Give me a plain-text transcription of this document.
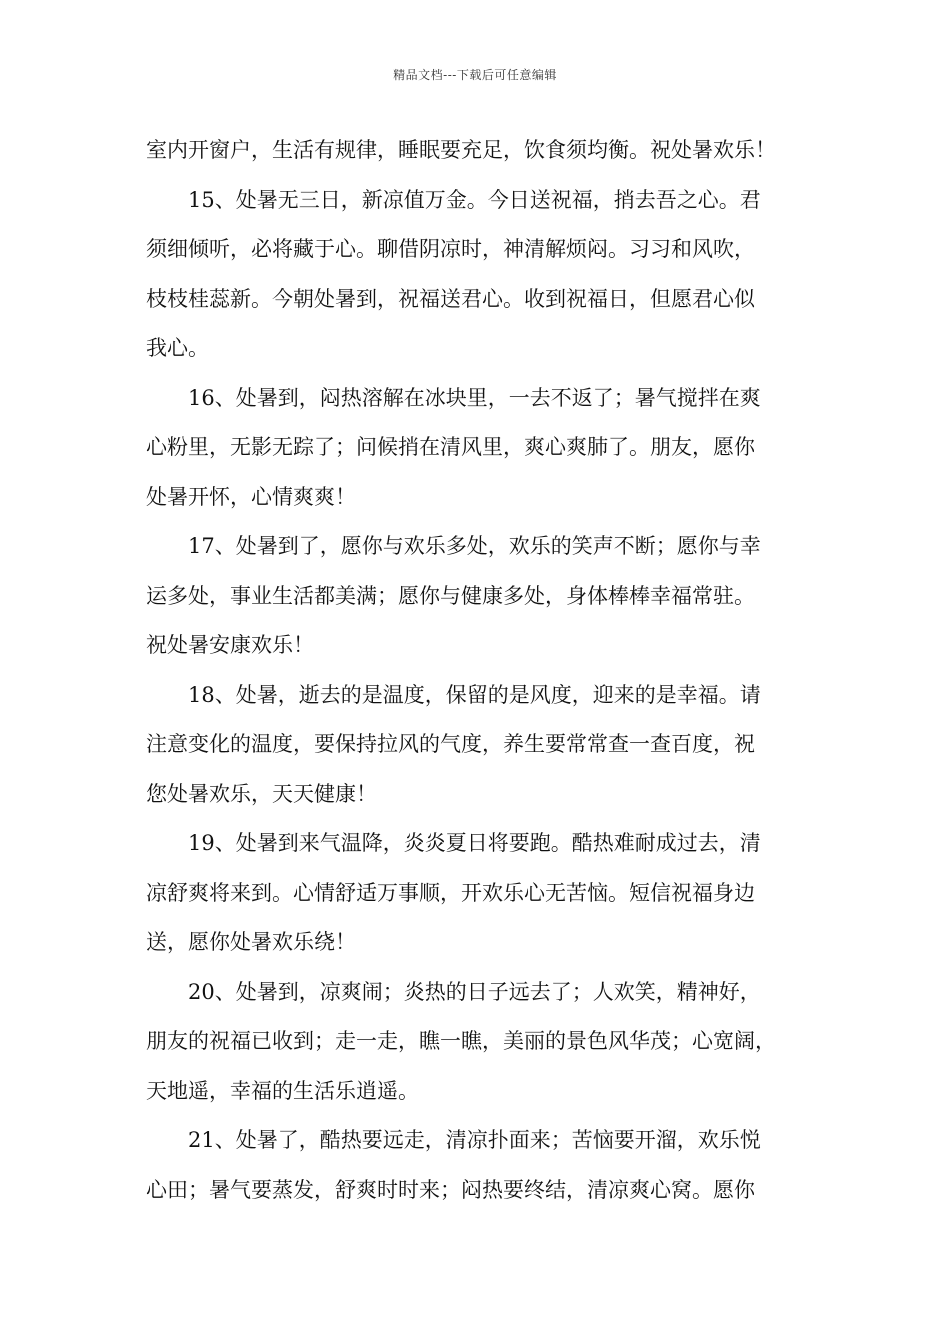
精品文档---下载后可任意编辑
室内开窗户，生活有规律，睡眠要充足，饮食须均衡。祝处暑欢乐！
15、处暑无三日，新凉值万金。今日送祝福，捎去吾之心。君
须细倾听，必将藏于心。聊借阴凉时，神清解烦闷。习习和风吹，
枝枝桂蕊新。今朝处暑到，祝福送君心。收到祝福日，但愿君心似
我心。
16、处暑到，闷热溶解在冰块里，一去不返了；暑气搅拌在爽
心粉里，无影无踪了；问候捎在清风里，爽心爽肺了。朋友，愿你
处暑开怀，心情爽爽！
17、处暑到了，愿你与欢乐多处，欢乐的笑声不断；愿你与幸
运多处，事业生活都美满；愿你与健康多处，身体棒棒幸福常驻。
祝处暑安康欢乐！
18、处暑，逝去的是温度，保留的是风度，迎来的是幸福。请
注意变化的温度，要保持拉风的气度，养生要常常查一查百度，祝
您处暑欢乐，天天健康！
19、处暑到来气温降，炎炎夏日将要跑。酷热难耐成过去，清
凉舒爽将来到。心情舒适万事顺，开欢乐心无苦恼。短信祝福身边
送，愿你处暑欢乐绕！
20、处暑到，凉爽闹；炎热的日子远去了；人欢笑，精神好，
朋友的祝福已收到；走一走，瞧一瞧，美丽的景色风华茂；心宽阔，
天地遥，幸福的生活乐逍遥。
21、处暑了，酷热要远走，清凉扑面来；苦恼要开溜，欢乐悦
心田；暑气要蒸发，舒爽时时来；闷热要终结，清凉爽心窝。愿你
